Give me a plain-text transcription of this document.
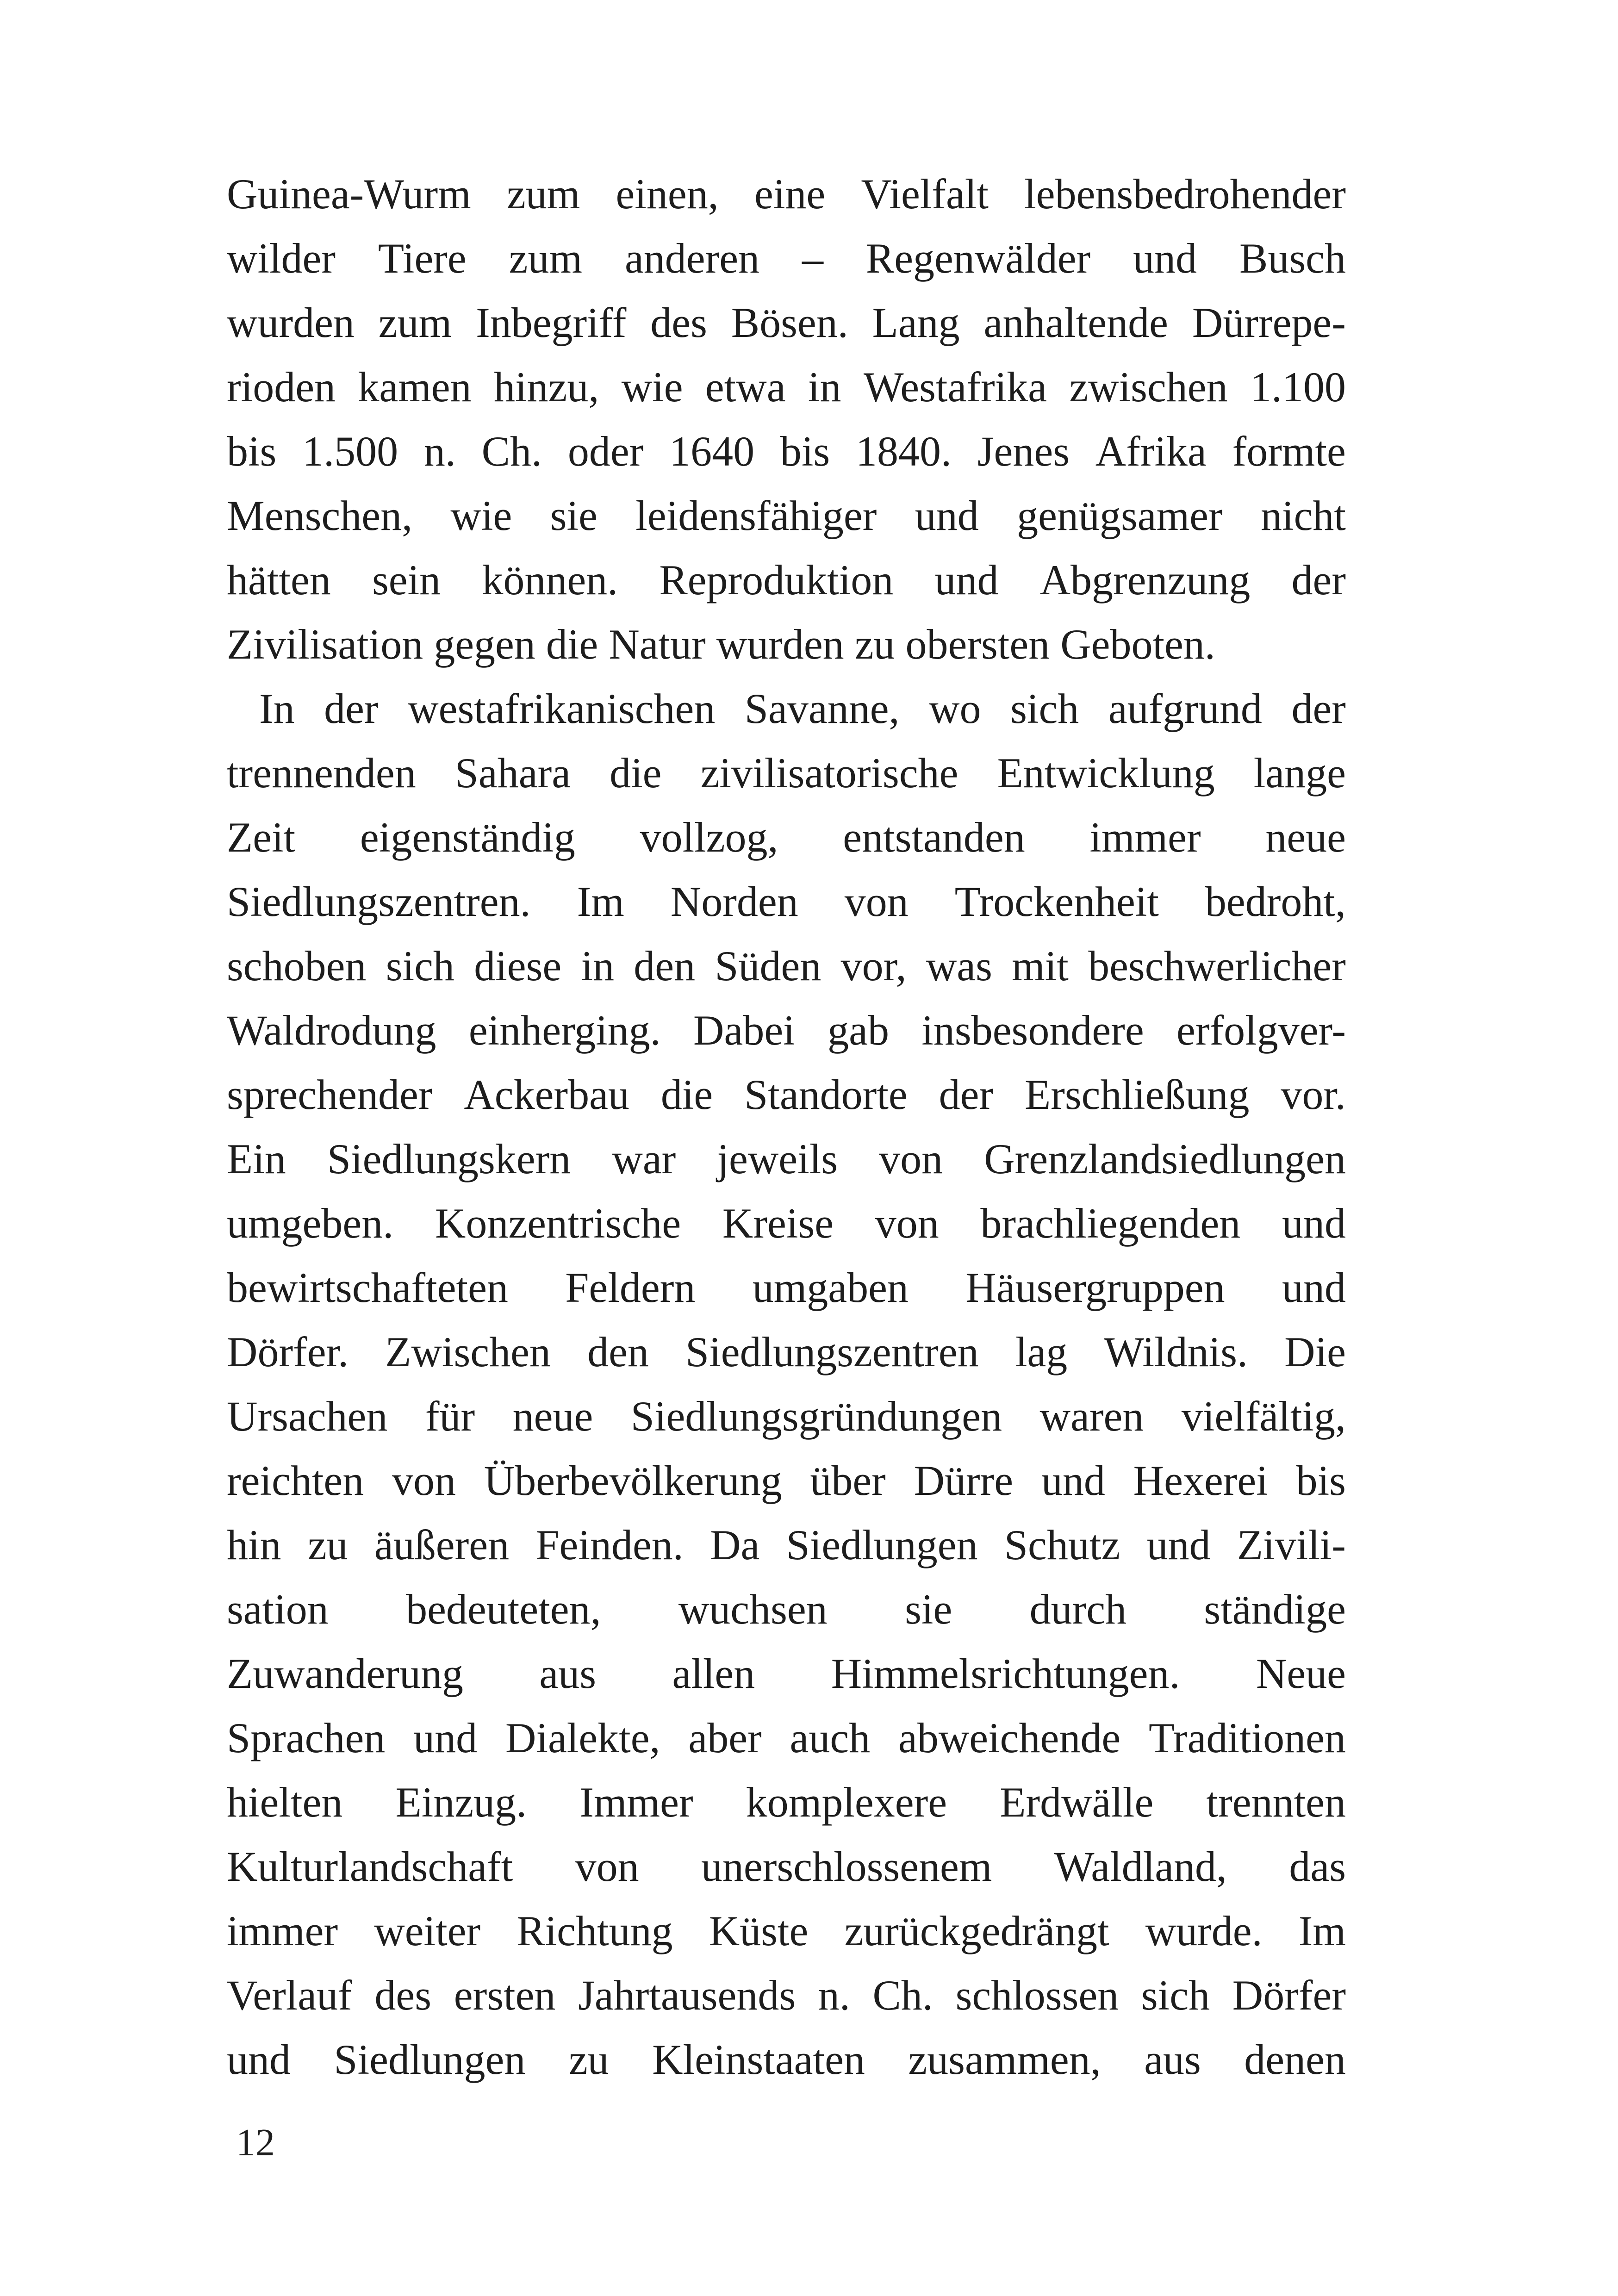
Guinea-Wurm zum einen, eine Vielfalt lebensbedrohender
wilder Tiere zum anderen – Regenwälder und Busch
wurden zum Inbegriff des Bösen. Lang anhaltende Dürrepe-
rioden kamen hinzu, wie etwa in Westafrika zwischen 1.100
bis 1.500 n. Ch. oder 1640 bis 1840. Jenes Afrika formte
Menschen, wie sie leidensfähiger und genügsamer nicht
hätten sein können. Reproduktion und Abgrenzung der
Zivilisation gegen die Natur wurden zu obersten Geboten.
In der westafrikanischen Savanne, wo sich aufgrund der
trennenden Sahara die zivilisatorische Entwicklung lange
Zeit eigenständig vollzog, entstanden immer neue
Siedlungszentren. Im Norden von Trockenheit bedroht,
schoben sich diese in den Süden vor, was mit beschwerlicher
Waldrodung einherging. Dabei gab insbesondere erfolgver-
sprechender Ackerbau die Standorte der Erschließung vor.
Ein Siedlungskern war jeweils von Grenzlandsiedlungen
umgeben. Konzentrische Kreise von brachliegenden und
bewirtschafteten Feldern umgaben Häusergruppen und
Dörfer. Zwischen den Siedlungszentren lag Wildnis. Die
Ursachen für neue Siedlungsgründungen waren vielfältig,
reichten von Überbevölkerung über Dürre und Hexerei bis
hin zu äußeren Feinden. Da Siedlungen Schutz und Zivili-
sation bedeuteten, wuchsen sie durch ständige
Zuwanderung aus allen Himmelsrichtungen. Neue
Sprachen und Dialekte, aber auch abweichende Traditionen
hielten Einzug. Immer komplexere Erdwälle trennten
Kulturlandschaft von unerschlossenem Waldland, das
immer weiter Richtung Küste zurückgedrängt wurde. Im
Verlauf des ersten Jahrtausends n. Ch. schlossen sich Dörfer
und Siedlungen zu Kleinstaaten zusammen, aus denen
12
